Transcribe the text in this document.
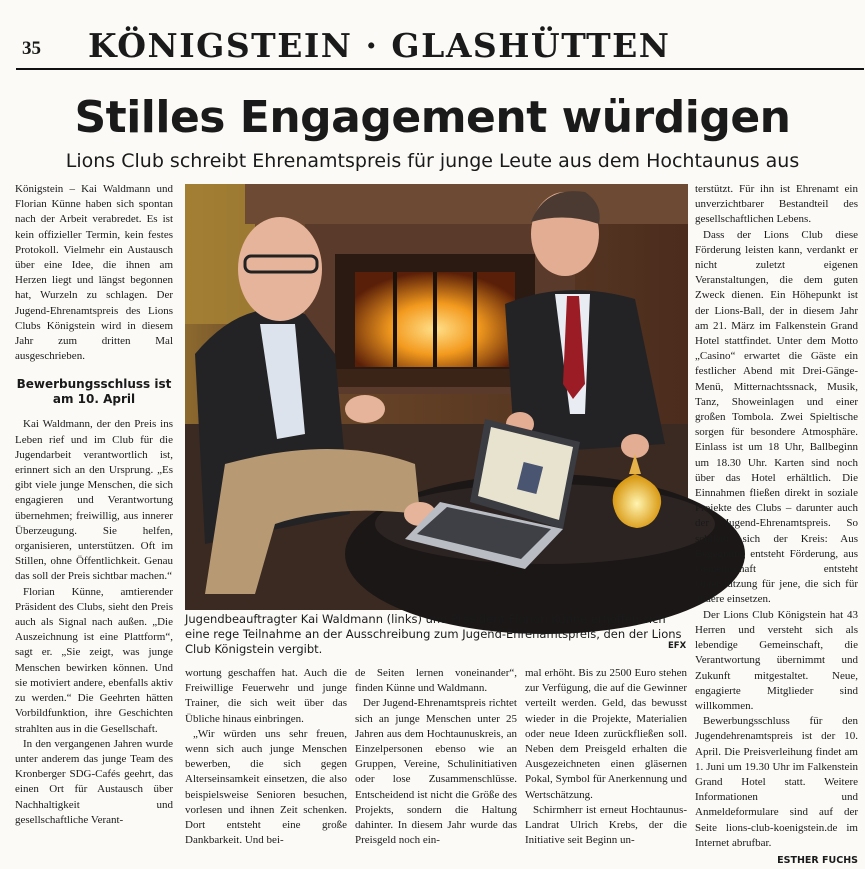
35 KÖNIGSTEIN · GLASHÜTTEN
Stilles Engagement würdigen
Lions Club schreibt Ehrenamtspreis für junge Leute aus dem Hochtaunus aus

Königstein – Kai Waldmann und Florian Künne haben sich spontan nach der Arbeit verabredet. Es ist kein offizieller Termin, kein festes Protokoll. Vielmehr ein Austausch über eine Idee, die ihnen am Herzen liegt und längst begonnen hat, Wurzeln zu schlagen. Der Jugend-Ehrenamtspreis des Lions Clubs Königstein wird in diesem Jahr zum dritten Mal ausgeschrieben.

Bewerbungsschluss ist am 10. April

Kai Waldmann, der den Preis ins Leben rief und im Club für die Jugendarbeit verantwortlich ist, erinnert sich an den Ursprung. „Es gibt viele junge Menschen, die sich engagieren und Verantwortung übernehmen; freiwillig, aus innerer Überzeugung. Sie helfen, organisieren, unterstützen. Oft im Stillen, ohne Öffentlichkeit. Genau das soll der Preis sichtbar machen.“

Florian Künne, amtierender Präsident des Clubs, sieht den Preis auch als Signal nach außen. „Die Auszeichnung ist eine Plattform“, sagt er. „Sie zeigt, was junge Menschen bewirken können. Und sie motiviert andere, ebenfalls aktiv zu werden.“ Die Geehrten hätten Vorbildfunktion, ihre Geschichten strahlten aus in die Gesellschaft.

In den vergangenen Jahren wurde unter anderem das junge Team des Kronberger SDG-Cafés geehrt, das einen Ort für Austausch über Nachhaltigkeit und gesellschaftliche Verant-

Jugendbeauftragter Kai Waldmann (links) und Präsident Florian Künne erhoffen sich eine rege Teilnahme an der Ausschreibung zum Jugend-Ehrenamtspreis, den der Lions Club Königstein vergibt.	EFX

wortung geschaffen hat. Auch die Freiwillige Feuerwehr und junge Trainer, die sich weit über das Übliche hinaus einbringen.

„Wir würden uns sehr freuen, wenn sich auch junge Menschen bewerben, die sich gegen Alterseinsamkeit einsetzen, die also beispielsweise Senioren besuchen, vorlesen und ihnen Zeit schenken. Dort entsteht eine große Dankbarkeit. Und bei-

de Seiten lernen voneinander“, finden Künne und Waldmann.

Der Jugend-Ehrenamtspreis richtet sich an junge Menschen unter 25 Jahren aus dem Hochtaunuskreis, an Einzelpersonen ebenso wie an Gruppen, Vereine, Schulinitiativen oder lose Zusammenschlüsse. Entscheidend ist nicht die Größe des Projekts, sondern die Haltung dahinter. In diesem Jahr wurde das Preisgeld noch ein-

mal erhöht. Bis zu 2500 Euro stehen zur Verfügung, die auf die Gewinner verteilt werden. Geld, das bewusst wieder in die Projekte, Materialien oder neue Ideen zurückfließen soll. Neben dem Preisgeld erhalten die Ausgezeichneten einen gläsernen Pokal, Symbol für Anerkennung und Wertschätzung.

Schirmherr ist erneut Hochtaunus-Landrat Ulrich Krebs, der die Initiative seit Beginn un-

terstützt. Für ihn ist Ehrenamt ein unverzichtbarer Bestandteil des gesellschaftlichen Lebens.

Dass der Lions Club diese Förderung leisten kann, verdankt er nicht zuletzt eigenen Veranstaltungen, die dem guten Zweck dienen. Ein Höhepunkt ist der Lions-Ball, der in diesem Jahr am 21. März im Falkenstein Grand Hotel stattfindet. Unter dem Motto „Casino“ erwartet die Gäste ein festlicher Abend mit Drei-Gänge-Menü, Mitternachtssnack, Musik, Tanz, Showeinlagen und einer großen Tombola. Zwei Spieltische sorgen für besondere Atmosphäre. Einlass ist um 18 Uhr, Ballbeginn um 18.30 Uhr. Karten sind noch über das Hotel erhältlich. Die Einnahmen fließen direkt in soziale Projekte des Clubs – darunter auch der Jugend-Ehrenamtspreis. So schließt sich der Kreis: Aus Begegnung entsteht Förderung, aus Gemeinschaft entsteht Unterstützung für jene, die sich für andere einsetzen.

Der Lions Club Königstein hat 43 Herren und versteht sich als lebendige Gemeinschaft, die Verantwortung übernimmt und Zukunft mitgestaltet. Neue, engagierte Mitglieder sind willkommen.

Bewerbungsschluss für den Jugendehrenamtspreis ist der 10. April. Die Preisverleihung findet am 1. Juni um 19.30 Uhr im Falkenstein Grand Hotel statt. Weitere Informationen und Anmeldeformulare sind auf der Seite lions-club-koenigstein.de im Internet abrufbar.

ESTHER FUCHS
